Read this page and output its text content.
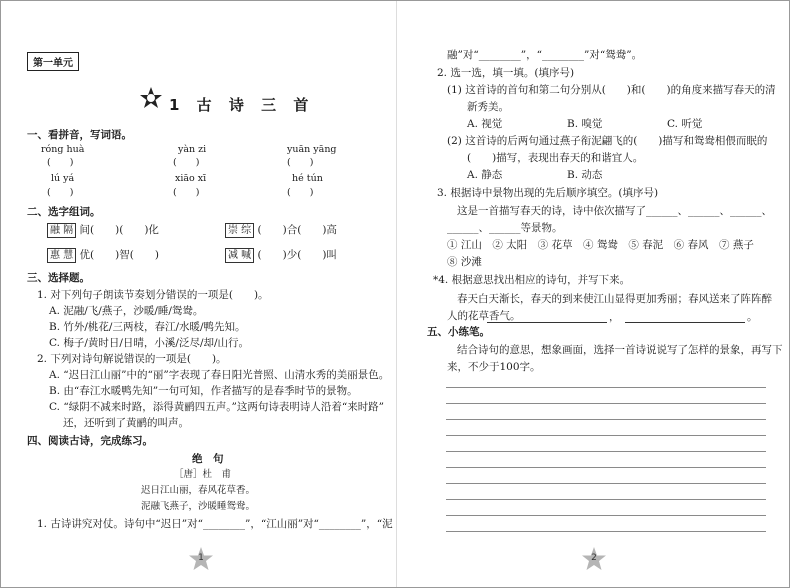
第一单元
1 古 诗 三 首
一、看拼音，写词语。
róng huà	yàn zi	yuān yāng
(　　)	(　　)	(　　)
lú yá	xiāo xī	hé tún
(　　)	(　　)	(　　)
二、选字组词。
融 隔 间(　　)(　　)化	崇 综 (　　)合(　　)高
惠 慧 优(　　)智(　　)	减 喊 (　　)少(　　)叫
三、选择题。
1. 对下列句子朗读节奏划分错误的一项是(　　)。
A. 泥融/飞/燕子，沙暖/睡/鸳鸯。
B. 竹外/桃花/三两枝，春江/水暖/鸭先知。
C. 梅子/黄时日/日晴，小溪/泛尽/却/山行。
2. 下列对诗句解说错误的一项是(　　)。
A. “迟日江山丽”中的“丽”字表现了春日阳光普照、山清水秀的美丽景色。
B. 由“春江水暖鸭先知”一句可知，作者描写的是春季时节的景物。
C. “绿阴不减来时路，添得黄鹂四五声。”这两句诗表明诗人沿着“来时路”
还，还听到了黄鹂的叫声。
四、阅读古诗，完成练习。
绝　句
［唐］杜　甫
迟日江山丽，春风花草香。
泥融飞燕子，沙暖睡鸳鸯。
1. 古诗讲究对仗。诗句中“迟日”对“________”，“江山丽”对“________”，“泥
1
融”对“________”，“________”对“鸳鸯”。
2. 选一选，填一填。(填序号)
(1) 这首诗的首句和第二句分别从(　　)和(　　)的角度来描写春天的清
新秀美。
A. 视觉	B. 嗅觉	C. 听觉
(2) 这首诗的后两句通过燕子衔泥翩飞的(　　)描写和鸳鸯相偎而眠的
(　　)描写，表现出春天的和谐宜人。
A. 静态	B. 动态
3. 根据诗中景物出现的先后顺序填空。(填序号)
这是一首描写春天的诗，诗中依次描写了______、______、______、
______、______等景物。
① 江山　② 太阳　③ 花草　④ 鸳鸯　⑤ 春泥　⑥ 春风　⑦ 燕子
⑧ 沙滩
*4. 根据意思找出相应的诗句，并写下来。
春天白天渐长，春天的到来使江山显得更加秀丽；春风送来了阵阵醉
人的花草香气。	，	。
五、小练笔。
结合诗句的意思，想象画面，选择一首诗说说写了怎样的景象，再写下
来，不少于100字。
2
